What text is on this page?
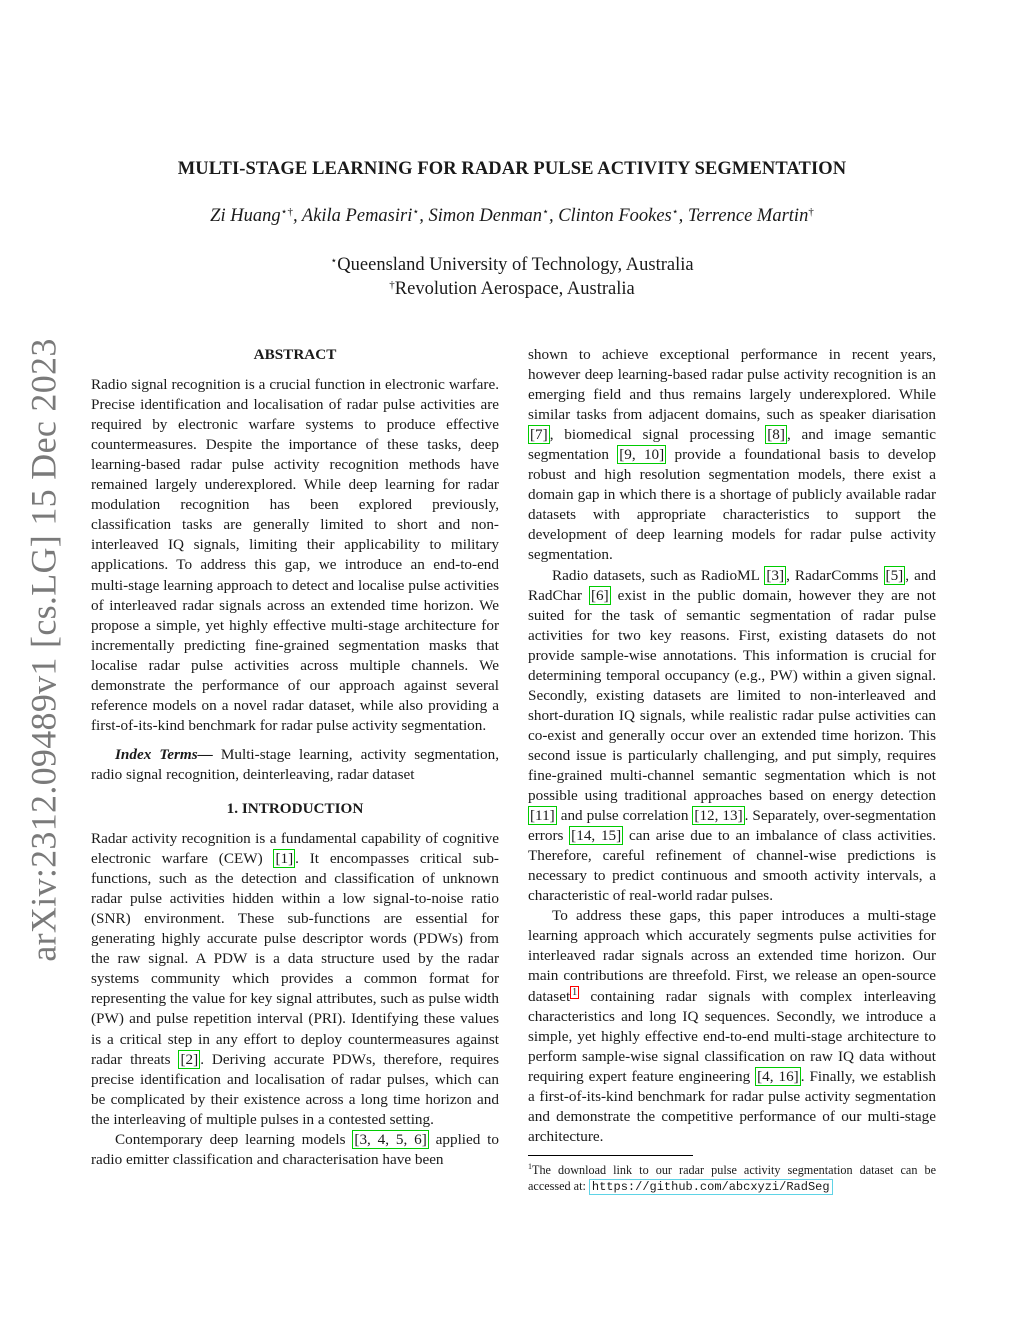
arXiv:2312.09489v1 [cs.LG] 15 Dec 2023
MULTI-STAGE LEARNING FOR RADAR PULSE ACTIVITY SEGMENTATION
Zi Huang⋆†, Akila Pemasiri⋆, Simon Denman⋆, Clinton Fookes⋆, Terrence Martin†
⋆Queensland University of Technology, Australia
†Revolution Aerospace, Australia
ABSTRACT

Radio signal recognition is a crucial function in electronic warfare. Precise identification and localisation of radar pulse activities are required by electronic warfare systems to produce effective countermeasures. Despite the importance of these tasks, deep learning-based radar pulse activity recognition methods have remained largely underexplored. While deep learning for radar modulation recognition has been explored previously, classification tasks are generally limited to short and non-interleaved IQ signals, limiting their applicability to military applications. To address this gap, we introduce an end-to-end multi-stage learning approach to detect and localise pulse activities of interleaved radar signals across an extended time horizon. We propose a simple, yet highly effective multi-stage architecture for incrementally predicting fine-grained segmentation masks that localise radar pulse activities across multiple channels. We demonstrate the performance of our approach against several reference models on a novel radar dataset, while also providing a first-of-its-kind benchmark for radar pulse activity segmentation.

Index Terms— Multi-stage learning, activity segmentation, radio signal recognition, deinterleaving, radar dataset

1. INTRODUCTION

Radar activity recognition is a fundamental capability of cognitive electronic warfare (CEW) [1] . It encompasses critical sub-functions, such as the detection and classification of unknown radar pulse activities hidden within a low signal-to-noise ratio (SNR) environment. These sub-functions are essential for generating highly accurate pulse descriptor words (PDWs) from the raw signal. A PDW is a data structure used by the radar systems community which provides a common format for representing the value for key signal attributes, such as pulse width (PW) and pulse repetition interval (PRI). Identifying these values is a critical step in any effort to deploy countermeasures against radar threats [2] . Deriving accurate PDWs, therefore, requires precise identification and localisation of radar pulses, which can be complicated by their existence across a long time horizon and the interleaving of multiple pulses in a contested setting.

Contemporary deep learning models [3, 4, 5, 6] applied to radio emitter classification and characterisation have been

shown to achieve exceptional performance in recent years, however deep learning-based radar pulse activity recognition is an emerging field and thus remains largely underexplored. While similar tasks from adjacent domains, such as speaker diarisation [7] , biomedical signal processing [8] , and image semantic segmentation [9, 10] provide a foundational basis to develop robust and high resolution segmentation models, there exist a domain gap in which there is a shortage of publicly available radar datasets with appropriate characteristics to support the development of deep learning models for radar pulse activity segmentation.

Radio datasets, such as RadioML [3] , RadarComms [5] , and RadChar [6] exist in the public domain, however they are not suited for the task of semantic segmentation of radar pulse activities for two key reasons. First, existing datasets do not provide sample-wise annotations. This information is crucial for determining temporal occupancy (e.g., PW) within a given signal. Secondly, existing datasets are limited to non-interleaved and short-duration IQ signals, while realistic radar pulse activities can co-exist and generally occur over an extended time horizon. This second issue is particularly challenging, and put simply, requires fine-grained multi-channel semantic segmentation which is not possible using traditional approaches based on energy detection [11] and pulse correlation [12, 13] . Separately, over-segmentation errors [14, 15] can arise due to an imbalance of class activities. Therefore, careful refinement of channel-wise predictions is necessary to predict continuous and smooth activity intervals, a characteristic of real-world radar pulses.

To address these gaps, this paper introduces a multi-stage learning approach which accurately segments pulse activities for interleaved radar signals across an extended time horizon. Our main contributions are threefold. First, we release an open-source dataset $^1$ containing radar signals with complex interleaving characteristics and long IQ sequences. Secondly, we introduce a simple, yet highly effective end-to-end multi-stage architecture to perform sample-wise signal classification on raw IQ data without requiring expert feature engineering [4, 16] . Finally, we establish a first-of-its-kind benchmark for radar pulse activity segmentation and demonstrate the competitive performance of our multi-stage architecture.

$^1$The download link to our radar pulse activity segmentation dataset can be accessed at: https://github.com/abcxyzi/RadSeg
